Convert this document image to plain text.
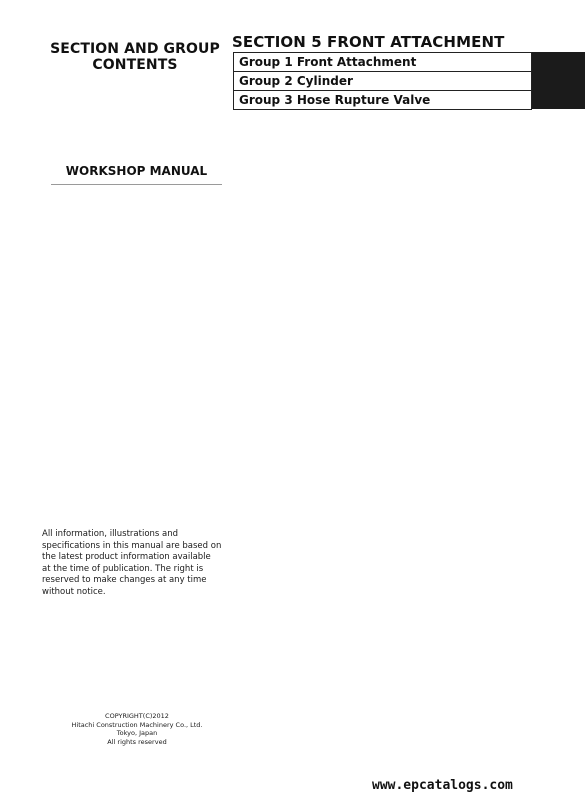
SECTION AND GROUP
CONTENTS
WORKSHOP MANUAL
SECTION 5 FRONT ATTACHMENT
Group 1 Front Attachment
Group 2 Cylinder
Group 3 Hose Rupture Valve
All information, illustrations and
specifications in this manual are based on
the latest product information available
at the time of publication. The right is
reserved to make changes at any time
without notice.
COPYRIGHT(C)2012
Hitachi Construction Machinery Co., Ltd.
Tokyo, Japan
All rights reserved
www.epcatalogs.com
